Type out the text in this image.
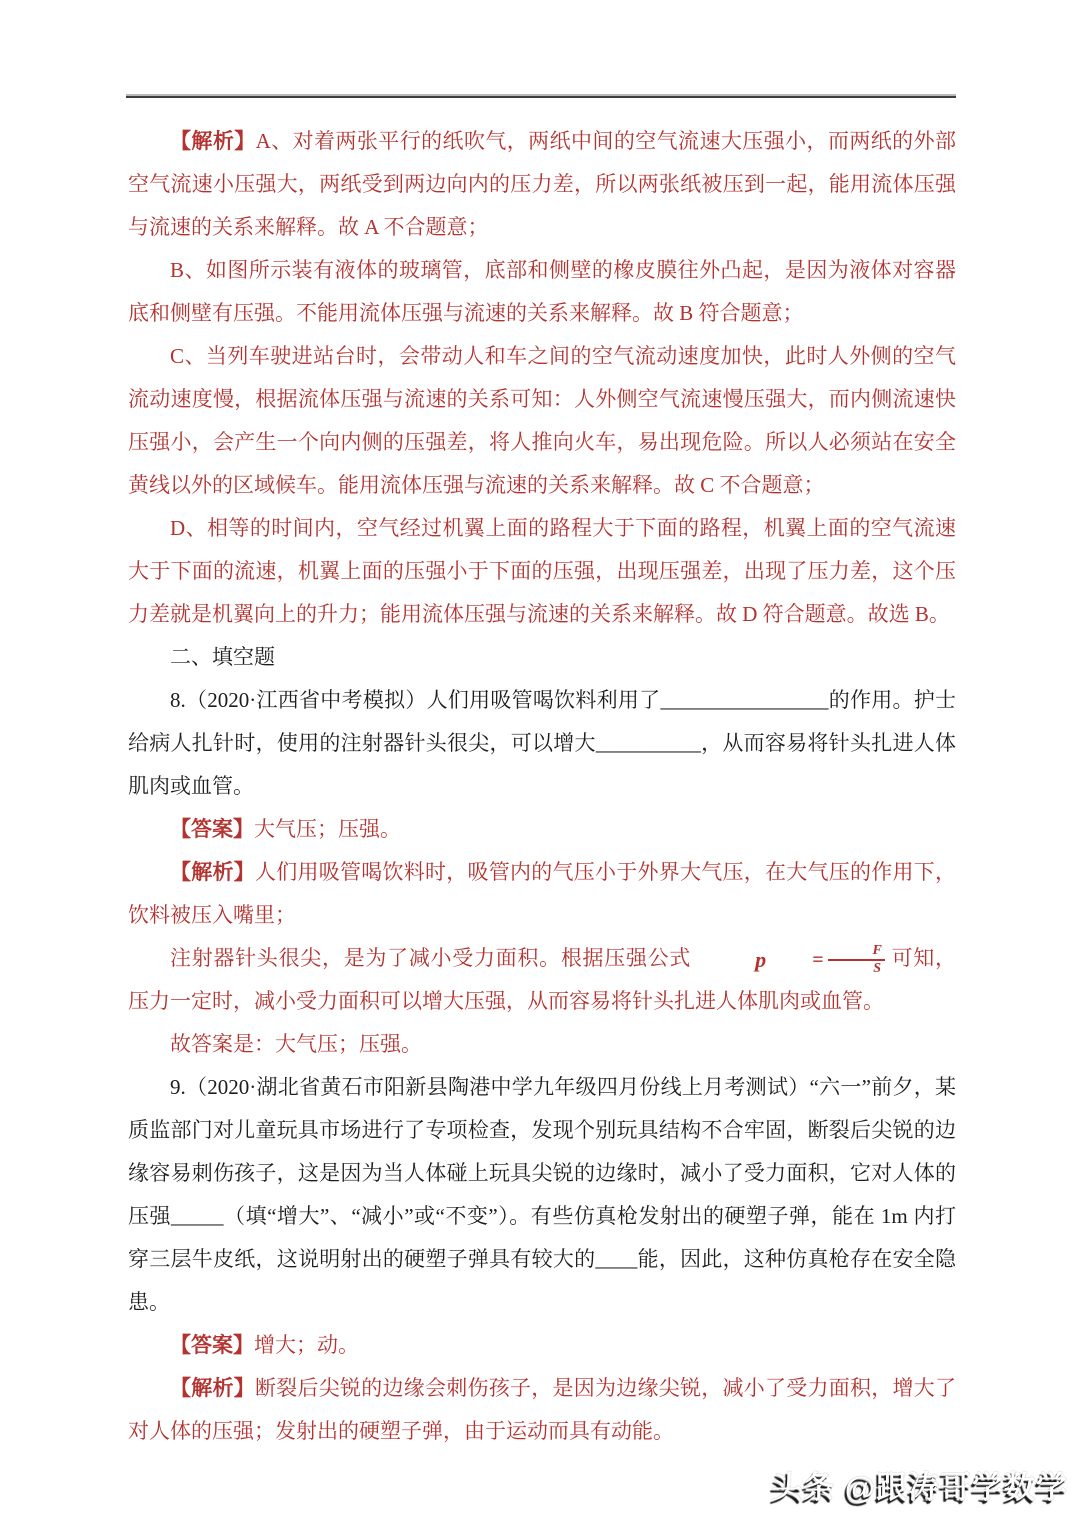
【解析】A、对着两张平行的纸吹气，两纸中间的空气流速大压强小，而两纸的外部空气流速小压强大，两纸受到两边向内的压力差，所以两张纸被压到一起，能用流体压强与流速的关系来解释。故 A 不合题意；

B、如图所示装有液体的玻璃管，底部和侧壁的橡皮膜往外凸起，是因为液体对容器底和侧壁有压强。不能用流体压强与流速的关系来解释。故 B 符合题意；

C、当列车驶进站台时，会带动人和车之间的空气流动速度加快，此时人外侧的空气流动速度慢，根据流体压强与流速的关系可知：人外侧空气流速慢压强大，而内侧流速快压强小，会产生一个向内侧的压强差，将人推向火车，易出现危险。所以人必须站在安全黄线以外的区域候车。能用流体压强与流速的关系来解释。故 C 不合题意；

D、相等的时间内，空气经过机翼上面的路程大于下面的路程，机翼上面的空气流速大于下面的流速，机翼上面的压强小于下面的压强，出现压强差，出现了压力差，这个压力差就是机翼向上的升力；能用流体压强与流速的关系来解释。故 D 符合题意。故选 B。

二、填空题

8.（2020·江西省中考模拟）人们用吸管喝饮料利用了________________的作用。护士给病人扎针时，使用的注射器针头很尖，可以增大__________，从而容易将针头扎进人体肌肉或血管。

【答案】大气压；压强。

【解析】人们用吸管喝饮料时，吸管内的气压小于外界大气压，在大气压的作用下，饮料被压入嘴里；

注射器针头很尖，是为了减小受力面积。根据压强公式	p	= $\frac{F}{S}$ 可知，压力一定时，减小受力面积可以增大压强，从而容易将针头扎进人体肌肉或血管。

故答案是：大气压；压强。

9.（2020·湖北省黄石市阳新县陶港中学九年级四月份线上月考测试）“六一”前夕，某质监部门对儿童玩具市场进行了专项检查，发现个别玩具结构不合牢固，断裂后尖锐的边缘容易刺伤孩子，这是因为当人体碰上玩具尖锐的边缘时，减小了受力面积，它对人体的压强_____（填“增大”、“减小”或“不变”）。有些仿真枪发射出的硬塑子弹，能在 1m 内打穿三层牛皮纸，这说明射出的硬塑子弹具有较大的____能，因此，这种仿真枪存在安全隐患。

【答案】增大；动。

【解析】断裂后尖锐的边缘会刺伤孩子，是因为边缘尖锐，减小了受力面积，增大了对人体的压强；发射出的硬塑子弹，由于运动而具有动能。

头条 @跟涛哥学数学
